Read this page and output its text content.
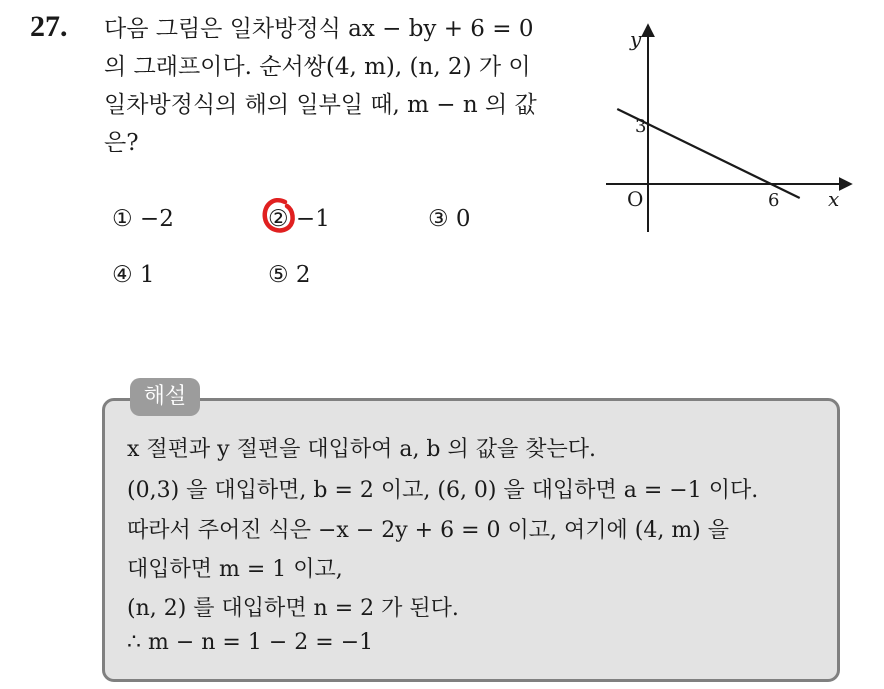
27. 다음 그림은 일차방정식 ax − by + 6 = 0
의 그래프이다. 순서쌍(4, m), (n, 2) 가 이
일차방정식의 해의 일부일 때, m − n 의 값
은?
① −2	② −1	③ 0
④ 1	⑤ 2
y
x
O
3
6
해설
x 절편과 y 절편을 대입하여 a, b 의 값을 찾는다.
(0,3) 을 대입하면, b = 2 이고, (6, 0) 을 대입하면 a = −1 이다.
따라서 주어진 식은 −x − 2y + 6 = 0 이고, 여기에 (4, m) 을
대입하면 m = 1 이고,
(n, 2) 를 대입하면 n = 2 가 된다.
∴ m − n = 1 − 2 = −1
